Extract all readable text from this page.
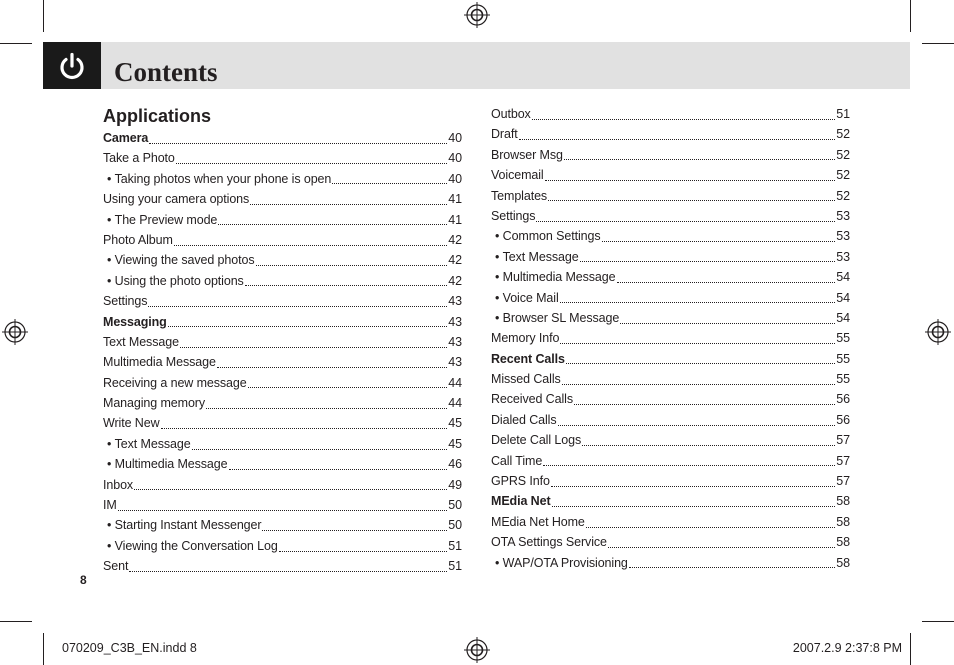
Contents
Applications
Camera	40
Take a Photo	40
• Taking photos when your phone is open	40
Using your camera options	41
• The Preview mode	41
Photo Album	42
• Viewing the saved photos	42
• Using the photo options	42
Settings	43
Messaging	43
Text Message	43
Multimedia Message	43
Receiving a new message	44
Managing memory	44
Write New	45
• Text Message	45
• Multimedia Message	46
Inbox	49
IM	50
• Starting Instant Messenger	50
• Viewing the Conversation Log	51
Sent	51
Outbox	51
Draft	52
Browser Msg	52
Voicemail	52
Templates	52
Settings	53
• Common Settings	53
• Text Message	53
• Multimedia Message	54
• Voice Mail	54
• Browser SL Message	54
Memory Info	55
Recent Calls	55
Missed Calls	55
Received Calls	56
Dialed Calls	56
Delete Call Logs	57
Call Time	57
GPRS Info	57
MEdia Net	58
MEdia Net Home	58
OTA Settings Service	58
• WAP/OTA Provisioning	58
8
070209_C3B_EN.indd 8	2007.2.9 2:37:8 PM
